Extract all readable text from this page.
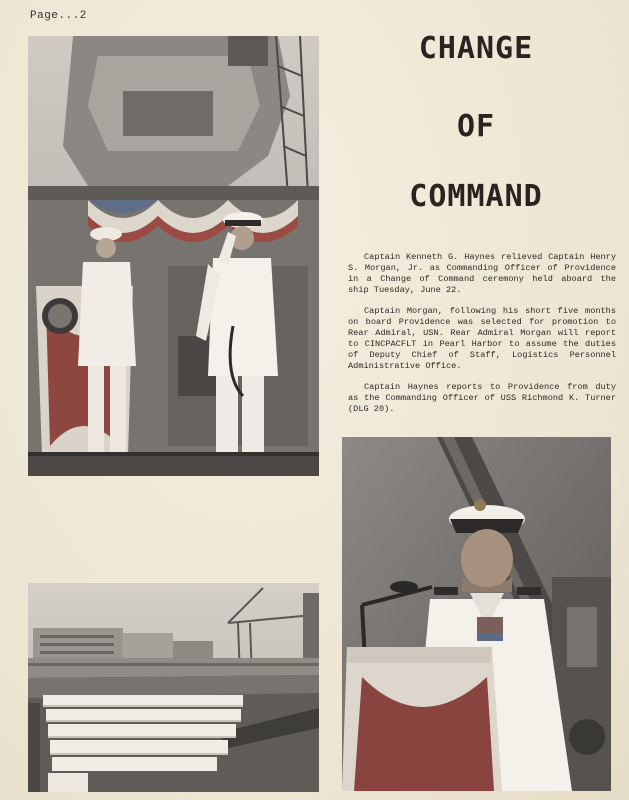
Page...2
CHANGE
OF
COMMAND

Captain Kenneth G. Haynes relieved Captain Henry S. Morgan, Jr. as Commanding Officer of Providence in a Change of Command ceremony held aboard the ship Tuesday, June 22.

Captain Morgan, following his short five months on board Providence was selected for promotion to Rear Admiral, USN. Rear Admiral Morgan will report to CINCPACFLT in Pearl Harbor to assume the duties of Deputy Chief of Staff, Logistics Personnel Administrative Office.

Captain Haynes reports to Providence from duty as the Commanding Officer of USS Richmond K. Turner (DLG 20).
